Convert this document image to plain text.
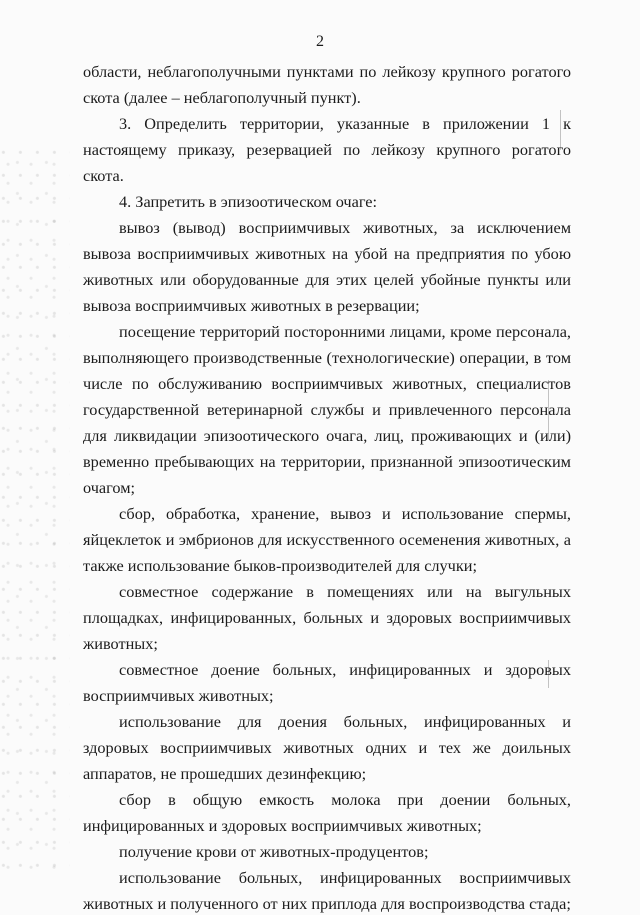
2

области, неблагополучными пунктами по лейкозу крупного рогатого скота (далее – неблагополучный пункт).

3. Определить территории, указанные в приложении 1 к настоящему приказу, резервацией по лейкозу крупного рогатого скота.

4. Запретить в эпизоотическом очаге:

вывоз (вывод) восприимчивых животных, за исключением вывоза восприимчивых животных на убой на предприятия по убою животных или оборудованные для этих целей убойные пункты или вывоза восприимчивых животных в резервации;

посещение территорий посторонними лицами, кроме персонала, выполняющего производственные (технологические) операции, в том числе по обслуживанию восприимчивых животных, специалистов государственной ветеринарной службы и привлеченного персонала для ликвидации эпизоотического очага, лиц, проживающих и (или) временно пребывающих на территории, признанной эпизоотическим очагом;

сбор, обработка, хранение, вывоз и использование спермы, яйцеклеток и эмбрионов для искусственного осеменения животных, а также использование быков-производителей для случки;

совместное содержание в помещениях или на выгульных площадках, инфицированных, больных и здоровых восприимчивых животных;

совместное доение больных, инфицированных и здоровых восприимчивых животных;

использование для доения больных, инфицированных и здоровых восприимчивых животных одних и тех же доильных аппаратов, не прошедших дезинфекцию;

сбор в общую емкость молока при доении больных, инфицированных и здоровых восприимчивых животных;

получение крови от животных-продуцентов;

использование больных, инфицированных восприимчивых животных и полученного от них приплода для воспроизводства стада;
